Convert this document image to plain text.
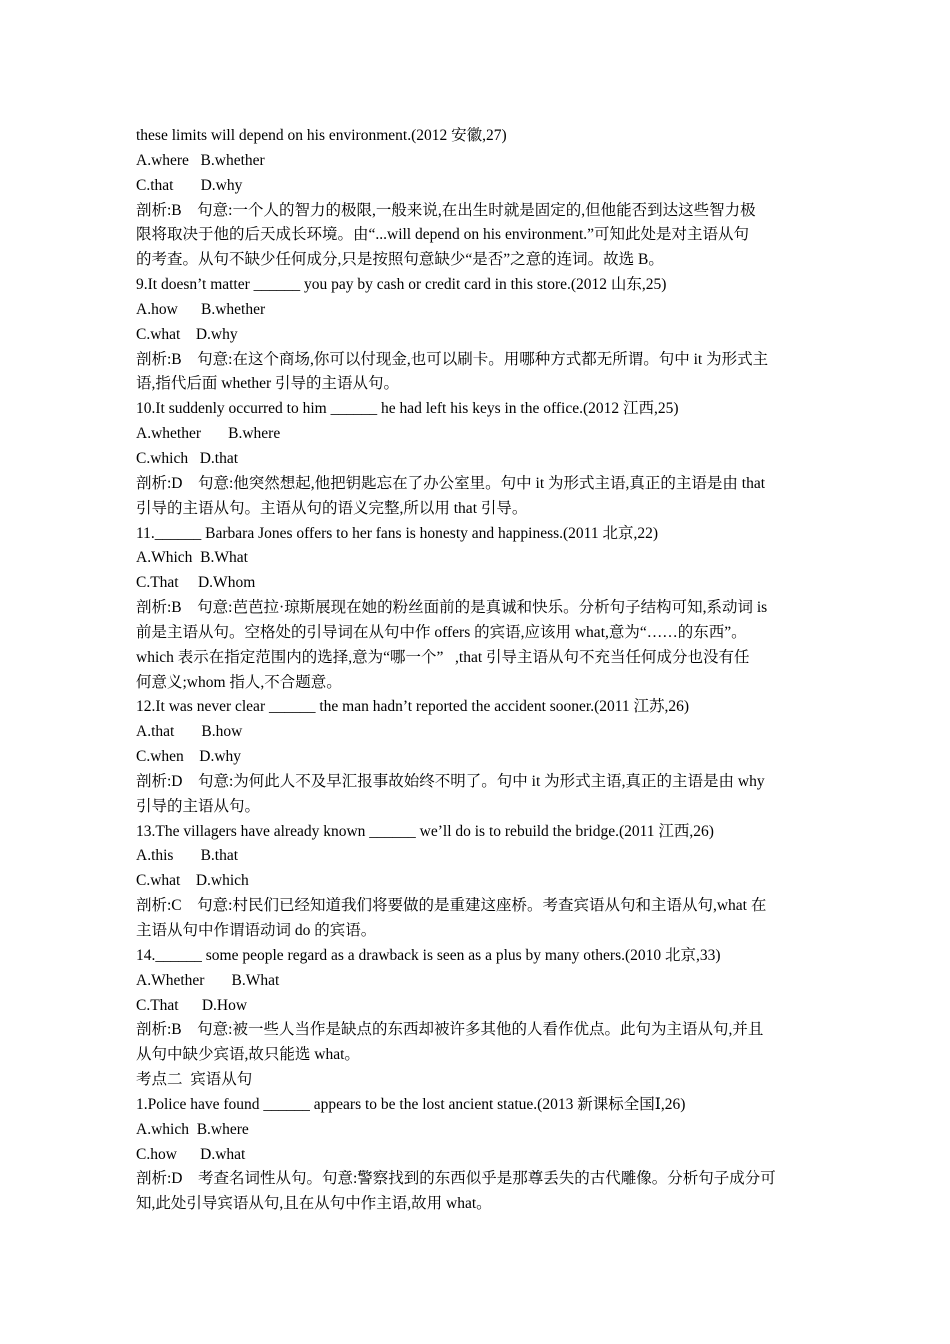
these limits will depend on his environment.(2012 安徽,27)
A.where   B.whether
C.that       D.why
剖析:B    句意:一个人的智力的极限,一般来说,在出生时就是固定的,但他能否到达这些智力极
限将取决于他的后天成长环境。由“...will depend on his environment.”可知此处是对主语从句
的考查。从句不缺少任何成分,只是按照句意缺少“是否”之意的连词。故选 B。
9.It doesn’t matter ______ you pay by cash or credit card in this store.(2012 山东,25)
A.how      B.whether
C.what    D.why
剖析:B    句意:在这个商场,你可以付现金,也可以刷卡。用哪种方式都无所谓。句中 it 为形式主
语,指代后面 whether 引导的主语从句。
10.It suddenly occurred to him ______ he had left his keys in the office.(2012 江西,25)
A.whether       B.where
C.which   D.that
剖析:D    句意:他突然想起,他把钥匙忘在了办公室里。句中 it 为形式主语,真正的主语是由 that
引导的主语从句。主语从句的语义完整,所以用 that 引导。
11.______ Barbara Jones offers to her fans is honesty and happiness.(2011 北京,22)
A.Which  B.What
C.That     D.Whom
剖析:B    句意:芭芭拉·琼斯展现在她的粉丝面前的是真诚和快乐。分析句子结构可知,系动词 is
前是主语从句。空格处的引导词在从句中作 offers 的宾语,应该用 what,意为“……的东西”。
which 表示在指定范围内的选择,意为“哪一个”   ,that 引导主语从句不充当任何成分也没有任
何意义;whom 指人,不合题意。
12.It was never clear ______ the man hadn’t reported the accident sooner.(2011 江苏,26)
A.that       B.how
C.when    D.why
剖析:D    句意:为何此人不及早汇报事故始终不明了。句中 it 为形式主语,真正的主语是由 why
引导的主语从句。
13.The villagers have already known ______ we’ll do is to rebuild the bridge.(2011 江西,26)
A.this       B.that
C.what    D.which
剖析:C    句意:村民们已经知道我们将要做的是重建这座桥。考查宾语从句和主语从句,what 在
主语从句中作谓语动词 do 的宾语。
14.______ some people regard as a drawback is seen as a plus by many others.(2010 北京,33)
A.Whether       B.What
C.That      D.How
剖析:B    句意:被一些人当作是缺点的东西却被许多其他的人看作优点。此句为主语从句,并且
从句中缺少宾语,故只能选 what。
考点二  宾语从句
1.Police have found ______ appears to be the lost ancient statue.(2013 新课标全国Ⅰ,26)
A.which  B.where
C.how      D.what
剖析:D    考查名词性从句。句意:警察找到的东西似乎是那尊丢失的古代雕像。分析句子成分可
知,此处引导宾语从句,且在从句中作主语,故用 what。
